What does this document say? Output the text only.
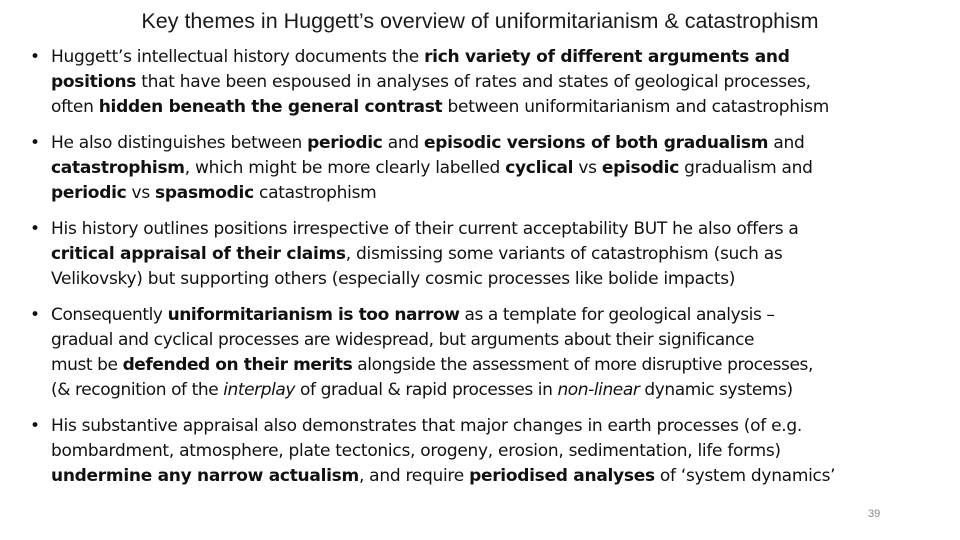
Key themes in Huggett’s overview of uniformitarianism & catastrophism
• Huggett’s intellectual history documents the rich variety of different arguments and
positions that have been espoused in analyses of rates and states of geological processes,
often hidden beneath the general contrast between uniformitarianism and catastrophism
• He also distinguishes between periodic and episodic versions of both gradualism and
catastrophism, which might be more clearly labelled cyclical vs episodic gradualism and
periodic vs spasmodic catastrophism
• His history outlines positions irrespective of their current acceptability BUT he also offers a
critical appraisal of their claims, dismissing some variants of catastrophism (such as
Velikovsky) but supporting others (especially cosmic processes like bolide impacts)
• Consequently uniformitarianism is too narrow as a template for geological analysis –
gradual and cyclical processes are widespread, but arguments about their significance
must be defended on their merits alongside the assessment of more disruptive processes,
(& recognition of the interplay of gradual & rapid processes in non-linear dynamic systems)
• His substantive appraisal also demonstrates that major changes in earth processes (of e.g.
bombardment, atmosphere, plate tectonics, orogeny, erosion, sedimentation, life forms)
undermine any narrow actualism, and require periodised analyses of ‘system dynamics’
39
